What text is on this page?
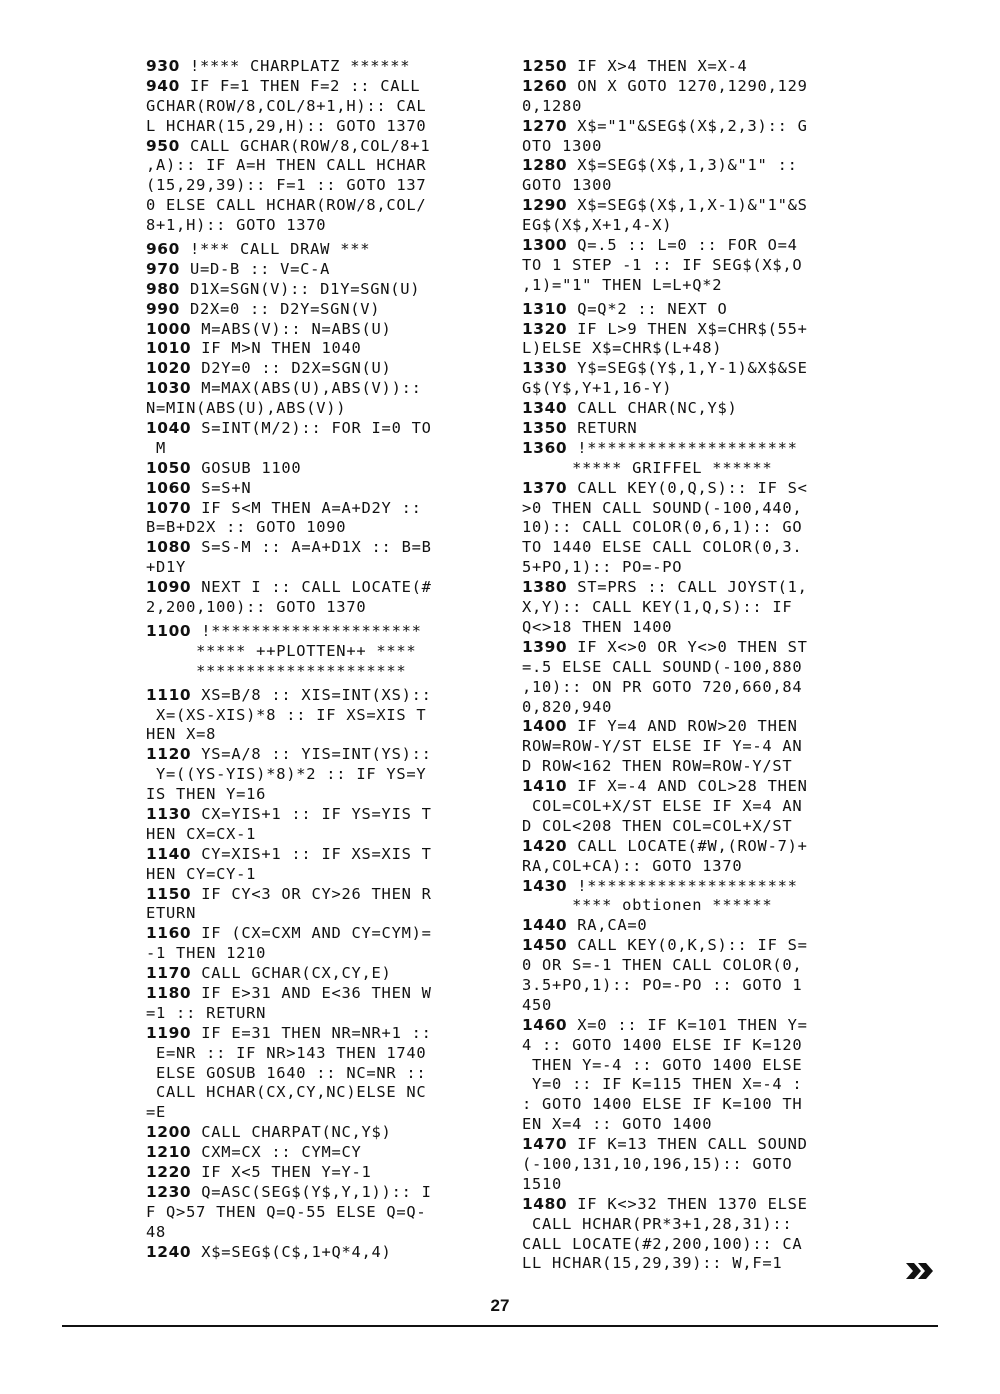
930 !**** CHARPLATZ ******
940 IF F=1 THEN F=2 :: CALL
GCHAR(ROW/8,COL/8+1,H):: CAL
L HCHAR(15,29,H):: GOTO 1370
950 CALL GCHAR(ROW/8,COL/8+1
,A):: IF A=H THEN CALL HCHAR
(15,29,39):: F=1 :: GOTO 137
0 ELSE CALL HCHAR(ROW/8,COL/
8+1,H):: GOTO 1370
960 !*** CALL DRAW ***
970 U=D-B :: V=C-A
980 D1X=SGN(V):: D1Y=SGN(U)
990 D2X=0 :: D2Y=SGN(V)
1000 M=ABS(V):: N=ABS(U)
1010 IF M>N THEN 1040
1020 D2Y=0 :: D2X=SGN(U)
1030 M=MAX(ABS(U),ABS(V))::
N=MIN(ABS(U),ABS(V))
1040 S=INT(M/2):: FOR I=0 TO
M
1050 GOSUB 1100
1060 S=S+N
1070 IF S<M THEN A=A+D2Y ::
B=B+D2X :: GOTO 1090
1080 S=S-M :: A=A+D1X :: B=B
+D1Y
1090 NEXT I :: CALL LOCATE(#
2,200,100):: GOTO 1370
1100 !*********************
***** ++PLOTTEN++ ****
*********************
1110 XS=B/8 :: XIS=INT(XS)::
X=(XS-XIS)*8 :: IF XS=XIS T
HEN X=8
1120 YS=A/8 :: YIS=INT(YS)::
Y=((YS-YIS)*8)*2 :: IF YS=Y
IS THEN Y=16
1130 CX=YIS+1 :: IF YS=YIS T
HEN CX=CX-1
1140 CY=XIS+1 :: IF XS=XIS T
HEN CY=CY-1
1150 IF CY<3 OR CY>26 THEN R
ETURN
1160 IF (CX=CXM AND CY=CYM)=
-1 THEN 1210
1170 CALL GCHAR(CX,CY,E)
1180 IF E>31 AND E<36 THEN W
=1 :: RETURN
1190 IF E=31 THEN NR=NR+1 ::
E=NR :: IF NR>143 THEN 1740
ELSE GOSUB 1640 :: NC=NR ::
CALL HCHAR(CX,CY,NC)ELSE NC
=E
1200 CALL CHARPAT(NC,Y$)
1210 CXM=CX :: CYM=CY
1220 IF X<5 THEN Y=Y-1
1230 Q=ASC(SEG$(Y$,Y,1)):: I
F Q>57 THEN Q=Q-55 ELSE Q=Q-
48
1240 X$=SEG$(C$,1+Q*4,4)
1250 IF X>4 THEN X=X-4
1260 ON X GOTO 1270,1290,129
0,1280
1270 X$="1"&SEG$(X$,2,3):: G
OTO 1300
1280 X$=SEG$(X$,1,3)&"1" ::
GOTO 1300
1290 X$=SEG$(X$,1,X-1)&"1"&S
EG$(X$,X+1,4-X)
1300 Q=.5 :: L=0 :: FOR O=4
TO 1 STEP -1 :: IF SEG$(X$,O
,1)="1" THEN L=L+Q*2
1310 Q=Q*2 :: NEXT O
1320 IF L>9 THEN X$=CHR$(55+
L)ELSE X$=CHR$(L+48)
1330 Y$=SEG$(Y$,1,Y-1)&X$&SE
G$(Y$,Y+1,16-Y)
1340 CALL CHAR(NC,Y$)
1350 RETURN
1360 !*********************
***** GRIFFEL ******
1370 CALL KEY(0,Q,S):: IF S<
>0 THEN CALL SOUND(-100,440,
10):: CALL COLOR(0,6,1):: GO
TO 1440 ELSE CALL COLOR(0,3.
5+PO,1):: PO=-PO
1380 ST=PRS :: CALL JOYST(1,
X,Y):: CALL KEY(1,Q,S):: IF
Q<>18 THEN 1400
1390 IF X<>0 OR Y<>0 THEN ST
=.5 ELSE CALL SOUND(-100,880
,10):: ON PR GOTO 720,660,84
0,820,940
1400 IF Y=4 AND ROW>20 THEN
ROW=ROW-Y/ST ELSE IF Y=-4 AN
D ROW<162 THEN ROW=ROW-Y/ST
1410 IF X=-4 AND COL>28 THEN
COL=COL+X/ST ELSE IF X=4 AN
D COL<208 THEN COL=COL+X/ST
1420 CALL LOCATE(#W,(ROW-7)+
RA,COL+CA):: GOTO 1370
1430 !*********************
**** obtionen ******
1440 RA,CA=0
1450 CALL KEY(0,K,S):: IF S=
0 OR S=-1 THEN CALL COLOR(0,
3.5+PO,1):: PO=-PO :: GOTO 1
450
1460 X=0 :: IF K=101 THEN Y=
4 :: GOTO 1400 ELSE IF K=120
THEN Y=-4 :: GOTO 1400 ELSE
Y=0 :: IF K=115 THEN X=-4 :
: GOTO 1400 ELSE IF K=100 TH
EN X=4 :: GOTO 1400
1470 IF K=13 THEN CALL SOUND
(-100,131,10,196,15):: GOTO
1510
1480 IF K<>32 THEN 1370 ELSE
CALL HCHAR(PR*3+1,28,31)::
CALL LOCATE(#2,200,100):: CA
LL HCHAR(15,29,39):: W,F=1
27
